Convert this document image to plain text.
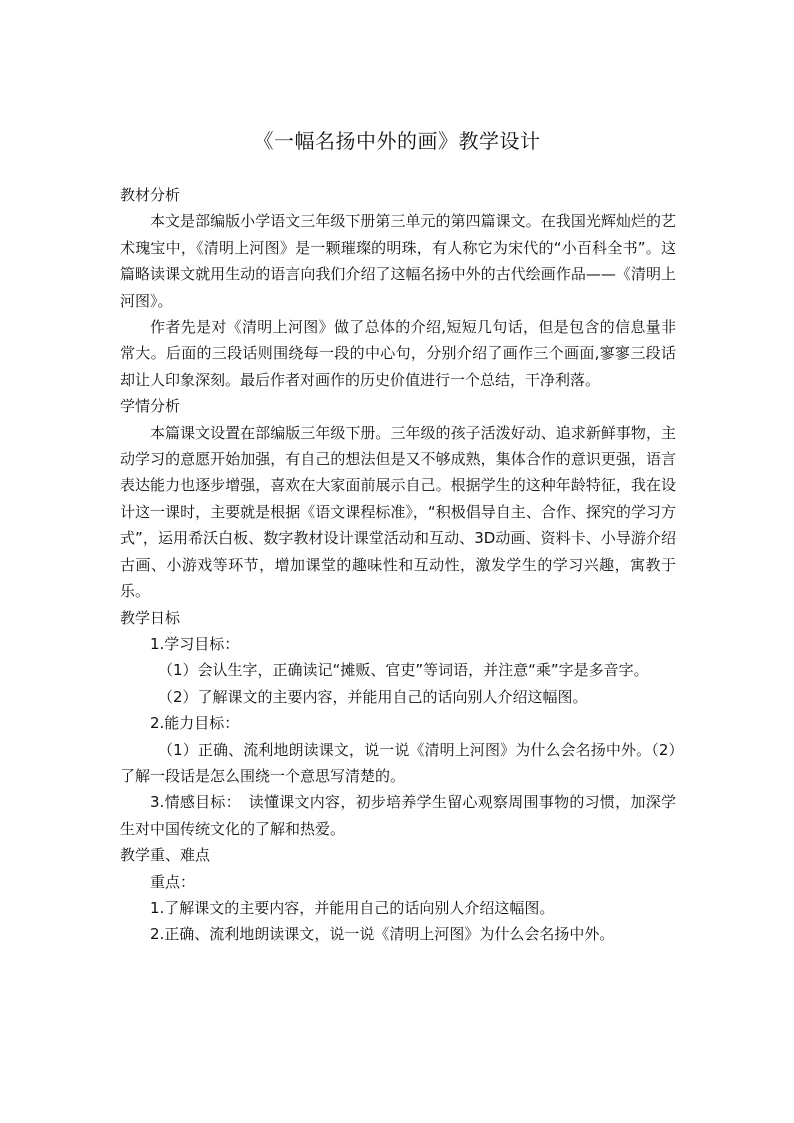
《一幅名扬中外的画》教学设计

教材分析

本文是部编版小学语文三年级下册第三单元的第四篇课文。在我国光辉灿烂的艺术瑰宝中，《清明上河图》是一颗璀璨的明珠，有人称它为宋代的“小百科全书”。这篇略读课文就用生动的语言向我们介绍了这幅名扬中外的古代绘画作品——《清明上河图》。

作者先是对《清明上河图》做了总体的介绍,短短几句话，但是包含的信息量非常大。后面的三段话则围绕每一段的中心句，分别介绍了画作三个画面,寥寥三段话却让人印象深刻。最后作者对画作的历史价值进行一个总结，干净利落。

学情分析

本篇课文设置在部编版三年级下册。三年级的孩子活泼好动、追求新鲜事物，主动学习的意愿开始加强，有自己的想法但是又不够成熟，集体合作的意识更强，语言表达能力也逐步增强，喜欢在大家面前展示自己。根据学生的这种年龄特征，我在设计这一课时，主要就是根据《语文课程标准》，“积极倡导自主、合作、探究的学习方式”，运用希沃白板、数字教材设计课堂活动和互动、3D动画、资料卡、小导游介绍古画、小游戏等环节，增加课堂的趣味性和互动性，激发学生的学习兴趣，寓教于乐。

教学日标

1.学习目标：

（1）会认生字，正确读记“摊贩、官吏”等词语，并注意“乘”字是多音字。

（2）了解课文的主要内容，并能用自己的话向别人介绍这幅图。

2.能力目标：

（1）正确、流利地朗读课文，说一说《清明上河图》为什么会名扬中外。（2）了解一段话是怎么围绕一个意思写清楚的。

3.情感目标：　读懂课文内容，初步培养学生留心观察周围事物的习惯，加深学生对中国传统文化的了解和热爱。

教学重、难点

重点：

1.了解课文的主要内容，并能用自己的话向别人介绍这幅图。

2.正确、流利地朗读课文，说一说《清明上河图》为什么会名扬中外。
